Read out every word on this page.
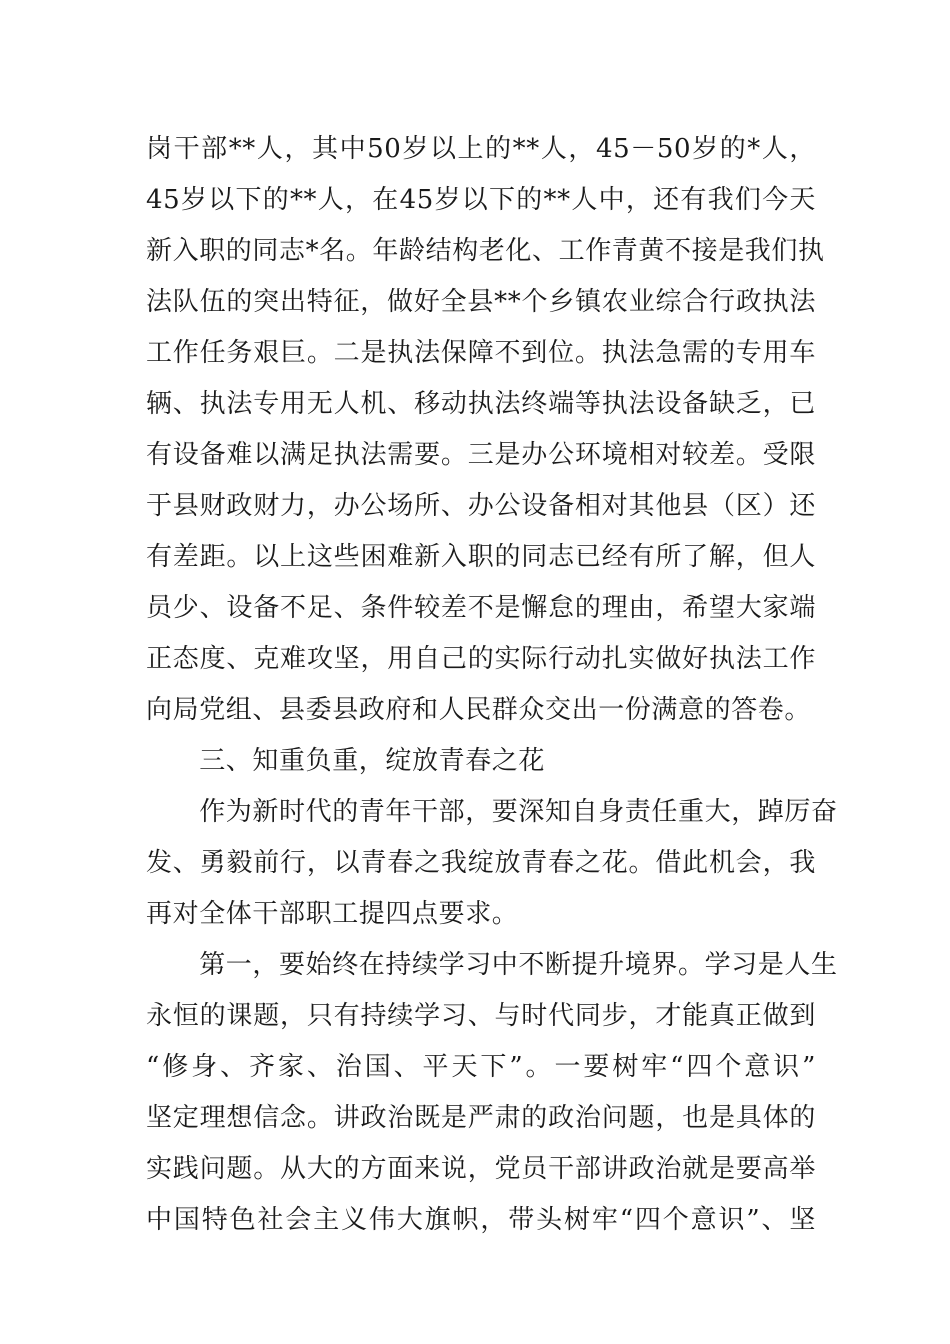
岗干部**人，其中50岁以上的**人，45－50岁的*人，
45岁以下的**人，在45岁以下的**人中，还有我们今天
新入职的同志*名。年龄结构老化、工作青黄不接是我们执
法队伍的突出特征，做好全县**个乡镇农业综合行政执法
工作任务艰巨。二是执法保障不到位。执法急需的专用车
辆、执法专用无人机、移动执法终端等执法设备缺乏，已
有设备难以满足执法需要。三是办公环境相对较差。受限
于县财政财力，办公场所、办公设备相对其他县（区）还
有差距。以上这些困难新入职的同志已经有所了解，但人
员少、设备不足、条件较差不是懈怠的理由，希望大家端
正态度、克难攻坚，用自己的实际行动扎实做好执法工作
向局党组、县委县政府和人民群众交出一份满意的答卷。
　　三、知重负重，绽放青春之花
　　作为新时代的青年干部，要深知自身责任重大，踔厉奋
发、勇毅前行，以青春之我绽放青春之花。借此机会，我
再对全体干部职工提四点要求。
　　第一，要始终在持续学习中不断提升境界。学习是人生
永恒的课题，只有持续学习、与时代同步，才能真正做到
“修身、齐家、治国、平天下”。一要树牢“四个意识”
坚定理想信念。讲政治既是严肃的政治问题，也是具体的
实践问题。从大的方面来说，党员干部讲政治就是要高举
中国特色社会主义伟大旗帜，带头树牢“四个意识”、坚
